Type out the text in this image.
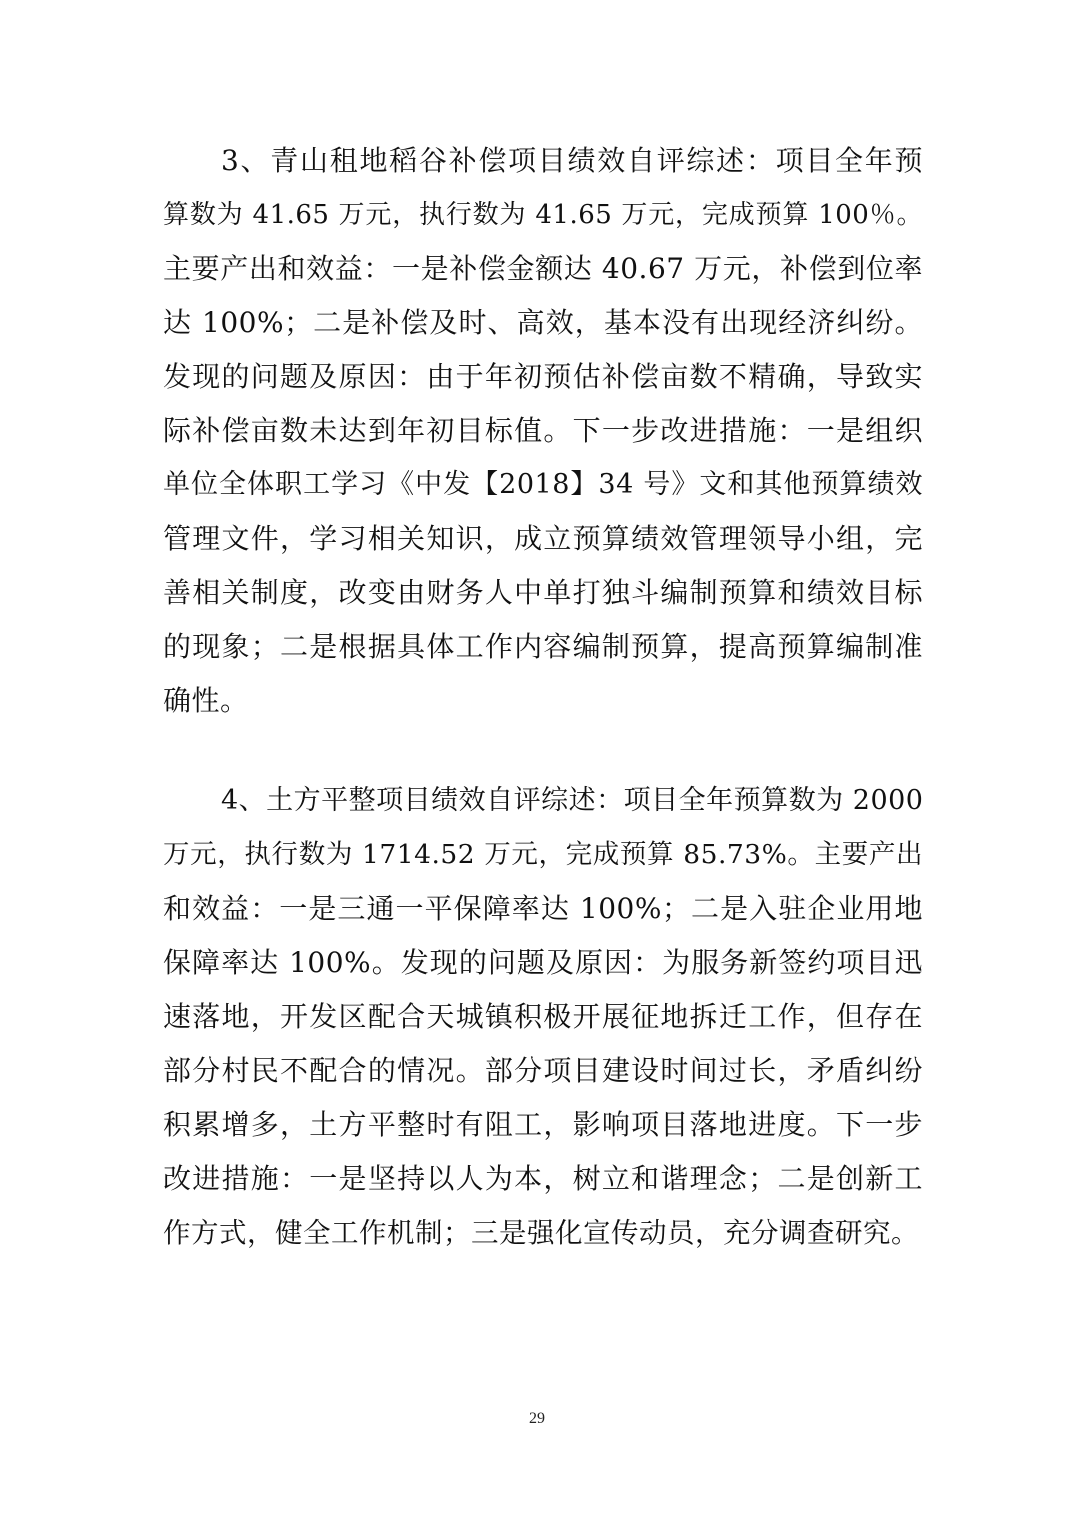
3、青山租地稻谷补偿项目绩效自评综述：项目全年预
算数为 41.65 万元，执行数为 41.65 万元，完成预算 100％。
主要产出和效益：一是补偿金额达 40.67 万元，补偿到位率
达 100%；二是补偿及时、高效，基本没有出现经济纠纷。
发现的问题及原因：由于年初预估补偿亩数不精确，导致实
际补偿亩数未达到年初目标值。下一步改进措施：一是组织
单位全体职工学习《中发【2018】34 号》文和其他预算绩效
管理文件，学习相关知识，成立预算绩效管理领导小组，完
善相关制度，改变由财务人中单打独斗编制预算和绩效目标
的现象；二是根据具体工作内容编制预算，提高预算编制准
确性。
4、土方平整项目绩效自评综述：项目全年预算数为 2000
万元，执行数为 1714.52 万元，完成预算 85.73%。主要产出
和效益：一是三通一平保障率达 100%；二是入驻企业用地
保障率达 100%。发现的问题及原因：为服务新签约项目迅
速落地，开发区配合天城镇积极开展征地拆迁工作，但存在
部分村民不配合的情况。部分项目建设时间过长，矛盾纠纷
积累增多，土方平整时有阻工，影响项目落地进度。下一步
改进措施：一是坚持以人为本，树立和谐理念；二是创新工
作方式，健全工作机制；三是强化宣传动员，充分调查研究。
29
